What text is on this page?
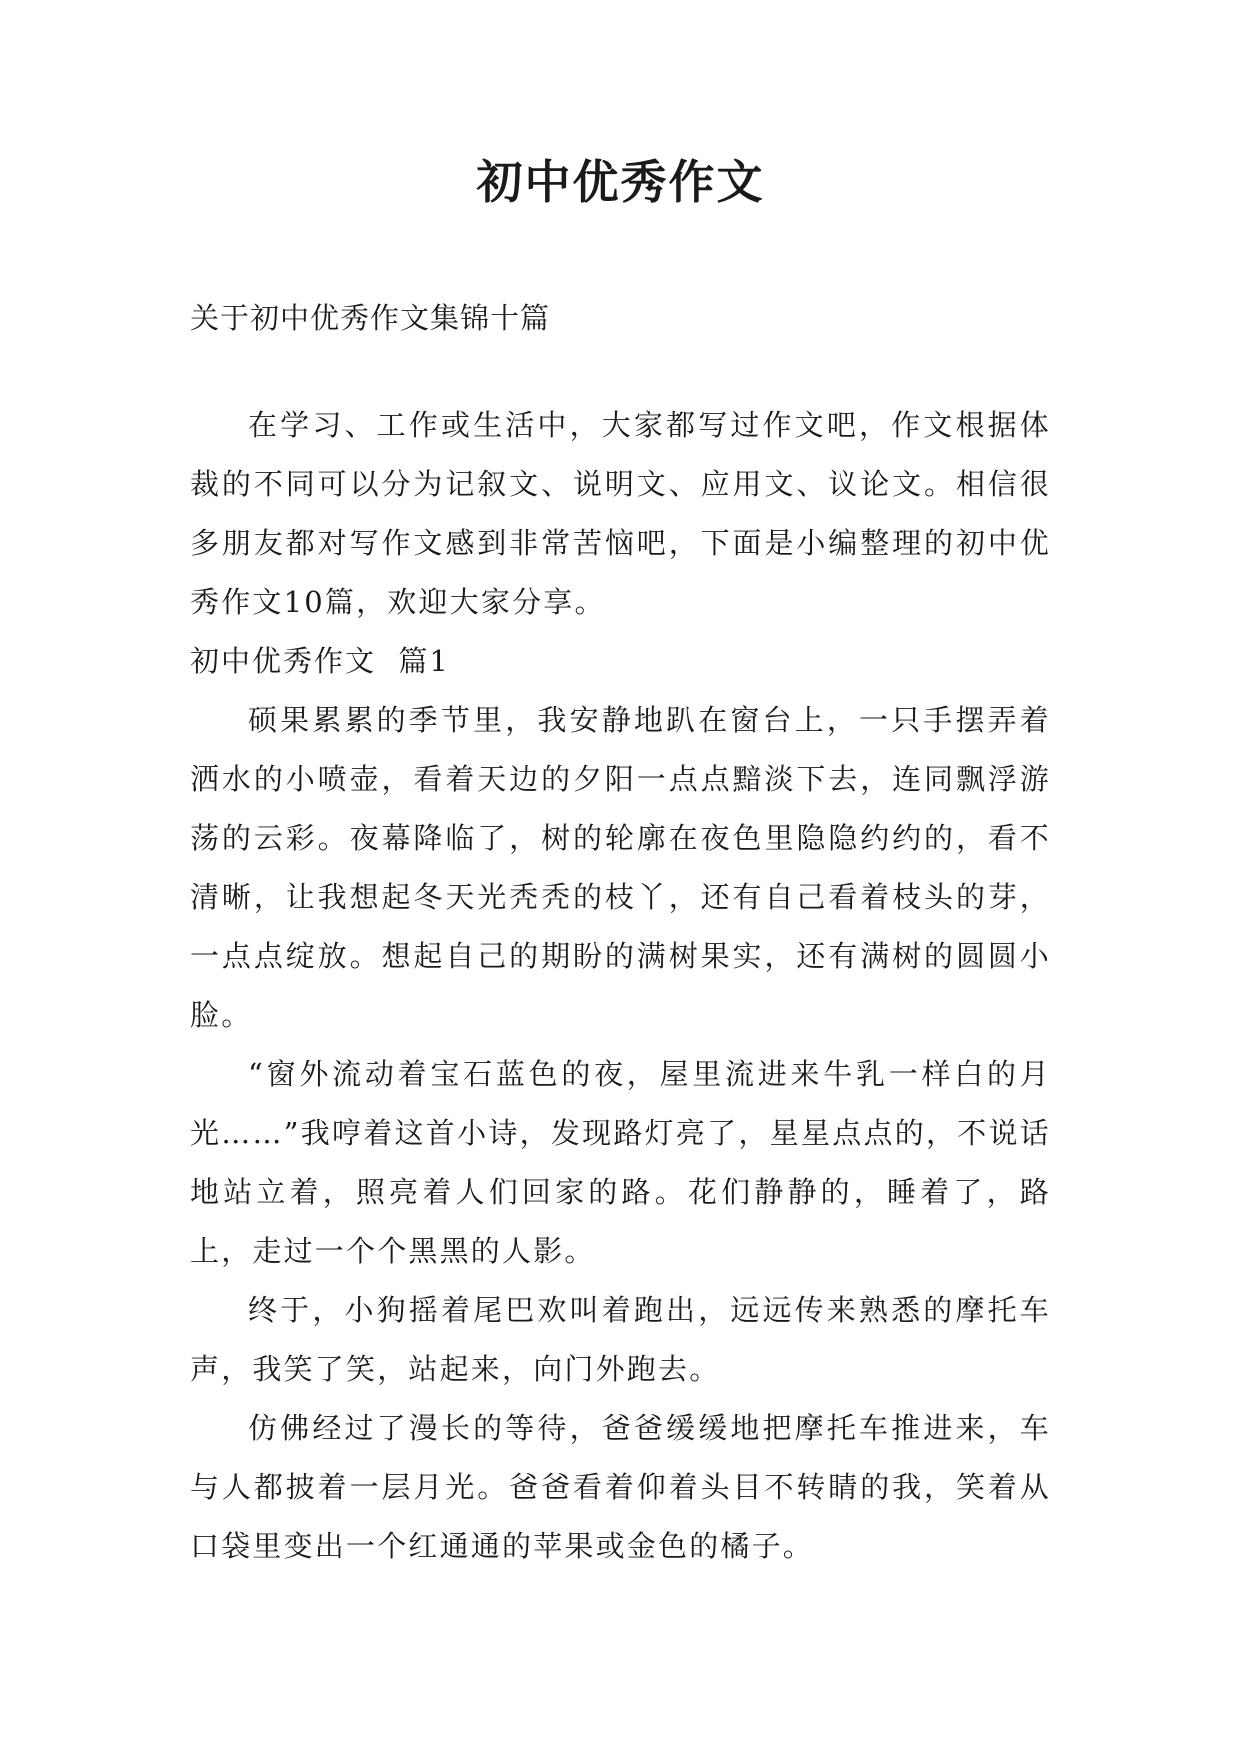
初中优秀作文

关于初中优秀作文集锦十篇

在学习、工作或生活中，大家都写过作文吧，作文根据体裁的不同可以分为记叙文、说明文、应用文、议论文。相信很多朋友都对写作文感到非常苦恼吧，下面是小编整理的初中优秀作文10篇，欢迎大家分享。

初中优秀作文  篇1

硕果累累的季节里，我安静地趴在窗台上，一只手摆弄着洒水的小喷壶，看着天边的夕阳一点点黯淡下去，连同飘浮游荡的云彩。夜幕降临了，树的轮廓在夜色里隐隐约约的，看不清晰，让我想起冬天光秃秃的枝丫，还有自己看着枝头的芽，一点点绽放。想起自己的期盼的满树果实，还有满树的圆圆小脸。

“窗外流动着宝石蓝色的夜，屋里流进来牛乳一样白的月光……”我哼着这首小诗，发现路灯亮了，星星点点的，不说话地站立着，照亮着人们回家的路。花们静静的，睡着了，路上，走过一个个黑黑的人影。

终于，小狗摇着尾巴欢叫着跑出，远远传来熟悉的摩托车声，我笑了笑，站起来，向门外跑去。

仿佛经过了漫长的等待，爸爸缓缓地把摩托车推进来，车与人都披着一层月光。爸爸看着仰着头目不转睛的我，笑着从口袋里变出一个红通通的苹果或金色的橘子。
